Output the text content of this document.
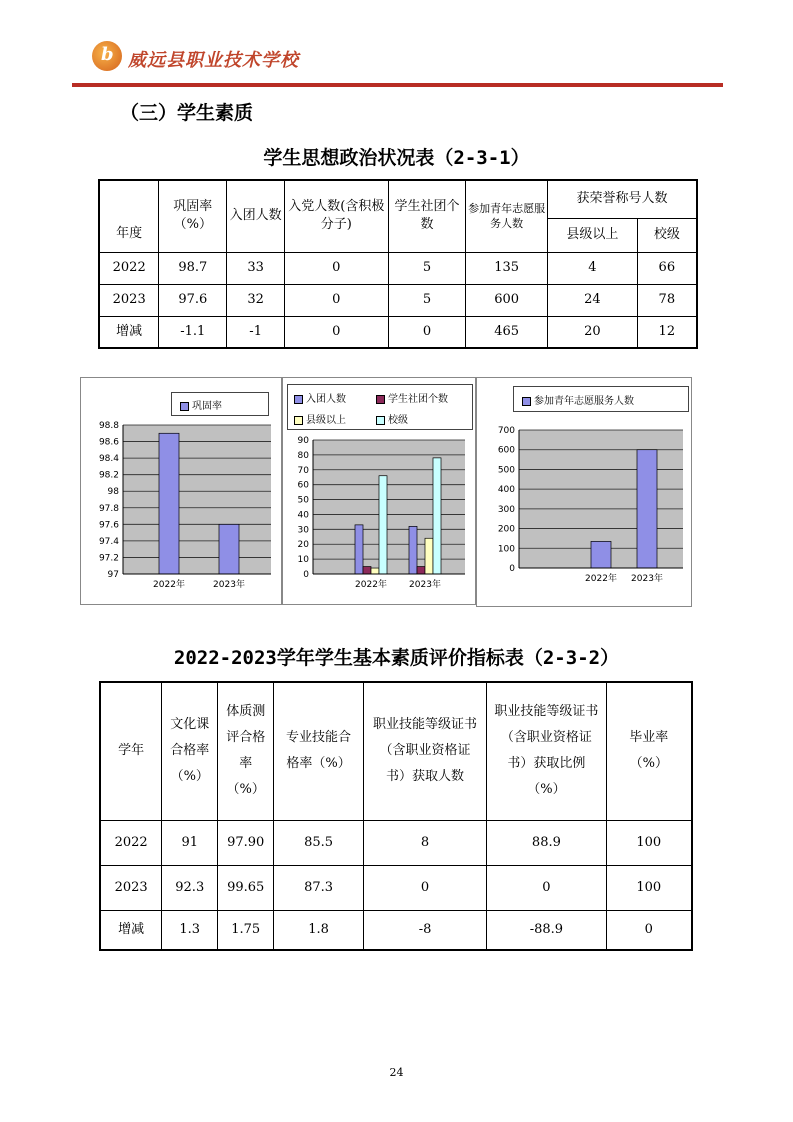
b 威远县职业技术学校
（三）学生素质
学生思想政治状况表（2-3-1）
年度	巩固率（%）	入团人数	入党人数(含积极分子)	学生社团个数	参加青年志愿服务人数	获荣誉称号人数	
						县级以上	校级
2022	98.7	33	0	5	135	4	66
2023	97.6	32	0	5	600	24	78
增减	-1.1	-1	0	0	465	20	12
巩固率
98.8
98.6
98.4
98.2
98
97.8
97.6
97.4
97.2
97
2022年	2023年
入团人数	学生社团个数
县级以上	校级
90
80
70
60
50
40
30
20
10
0
2022年 2023年
参加青年志愿服务人数
700
600
500
400
300
200
100
0
2022年 2023年
2022-2023学年学生基本素质评价指标表（2-3-2）
学年	文化课合格率（%）	体质测评合格率（%）	专业技能合格率（%）	职业技能等级证书（含职业资格证书）获取人数	职业技能等级证书（含职业资格证书）获取比例（%）	毕业率（%）
2022	91	97.90	85.5	8	88.9	100
2023	92.3	99.65	87.3	0	0	100
增减	1.3	1.75	1.8	-8	-88.9	0
24
